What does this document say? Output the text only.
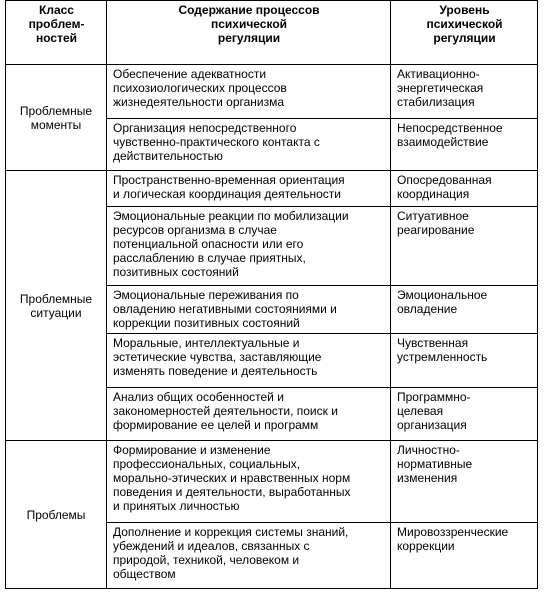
Класс
проблем-
ностей	Содержание процессов
психической
регуляции	Уровень
психической
регуляции
Проблемные
моменты	Обеспечение адекватности
психозиологических процессов
жизнедеятельности организма	Активационно-
энергетическая
стабилизация
	Организация непосредственного
чувственно-практического контакта с
действительностью	Непосредственное
взаимодействие
Проблемные
ситуации	Пространственно-временная ориентация
и логическая координация деятельности	Опосредованная
координация
	Эмоциональные реакции по мобилизации
ресурсов организма в случае
потенциальной опасности или его
расслаблению в случае приятных,
позитивных состояний	Ситуативное
реагирование
	Эмоциональные переживания по
овладению негативными состояниями и
коррекции позитивных состояний	Эмоциональное
овладение
	Моральные, интеллектуальные и
эстетические чувства, заставляющие
изменять поведение и деятельность	Чувственная
устремленность
	Анализ общих особенностей и
закономерностей деятельности, поиск и
формирование ее целей и программ	Программно-
целевая
организация
Проблемы	Формирование и изменение
профессиональных, социальных,
морально-этических и нравственных норм
поведения и деятельности, выработанных
и принятых личностью	Личностно-
нормативные
изменения
	Дополнение и коррекция системы знаний,
убеждений и идеалов, связанных с
природой, техникой, человеком и
обществом	Мировоззренческие
коррекции
